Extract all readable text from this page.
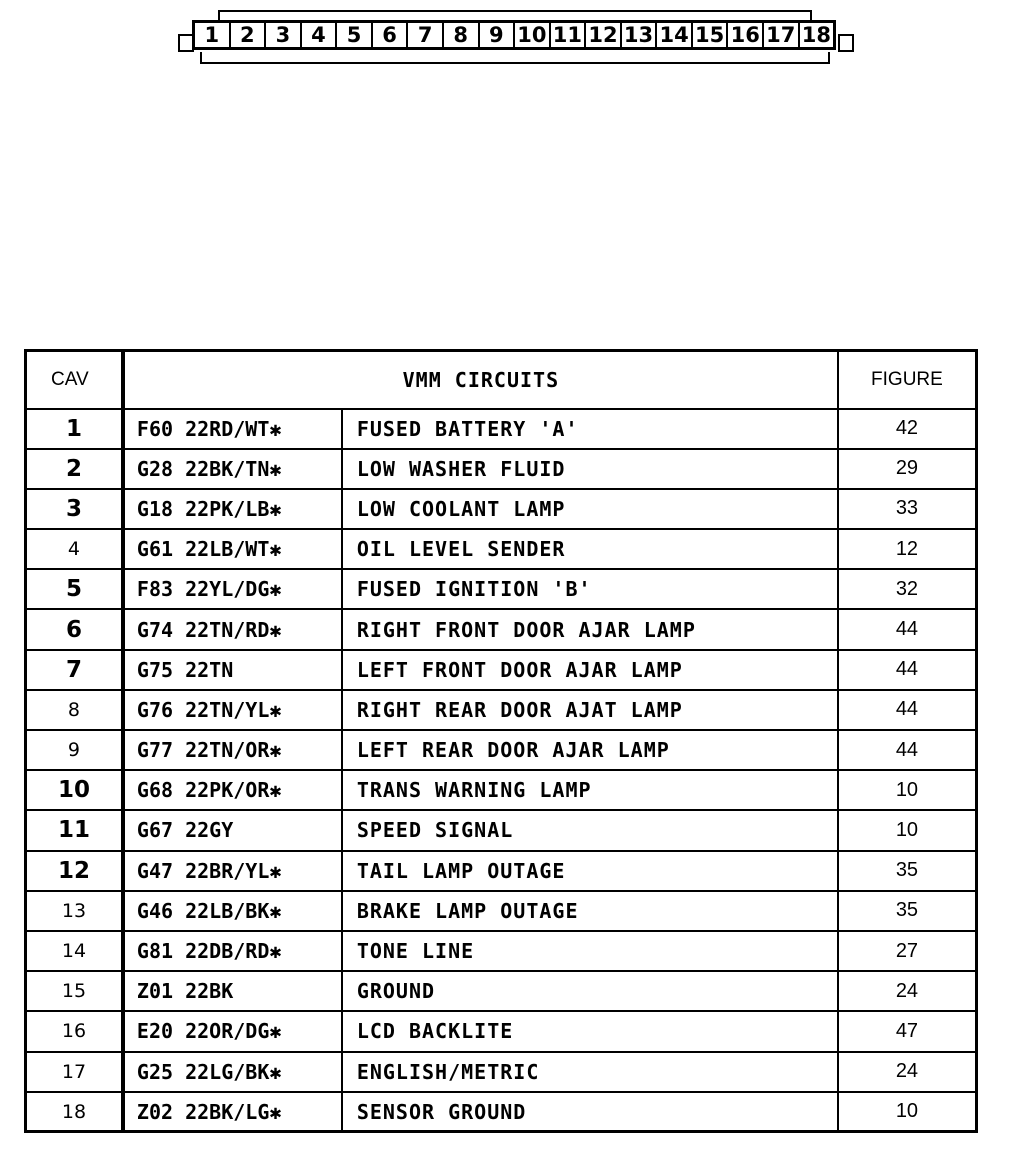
1 2 3 4 5 6 7 8 9 10 11 12 13 14 15 16 17 18
CAV	VMM CIRCUITS		FIGURE
1	F60 22RD/WT✱	FUSED BATTERY 'A'	42
2	G28 22BK/TN✱	LOW WASHER FLUID	29
3	G18 22PK/LB✱	LOW COOLANT LAMP	33
4	G61 22LB/WT✱	OIL LEVEL SENDER	12
5	F83 22YL/DG✱	FUSED IGNITION 'B'	32
6	G74 22TN/RD✱	RIGHT FRONT DOOR AJAR LAMP	44
7	G75 22TN	LEFT FRONT DOOR AJAR LAMP	44
8	G76 22TN/YL✱	RIGHT REAR DOOR AJAT LAMP	44
9	G77 22TN/OR✱	LEFT REAR DOOR AJAR LAMP	44
10	G68 22PK/OR✱	TRANS WARNING LAMP	10
11	G67 22GY	SPEED SIGNAL	10
12	G47 22BR/YL✱	TAIL LAMP OUTAGE	35
13	G46 22LB/BK✱	BRAKE LAMP OUTAGE	35
14	G81 22DB/RD✱	TONE LINE	27
15	Z01 22BK	GROUND	24
16	E20 22OR/DG✱	LCD BACKLITE	47
17	G25 22LG/BK✱	ENGLISH/METRIC	24
18	Z02 22BK/LG✱	SENSOR GROUND	10
